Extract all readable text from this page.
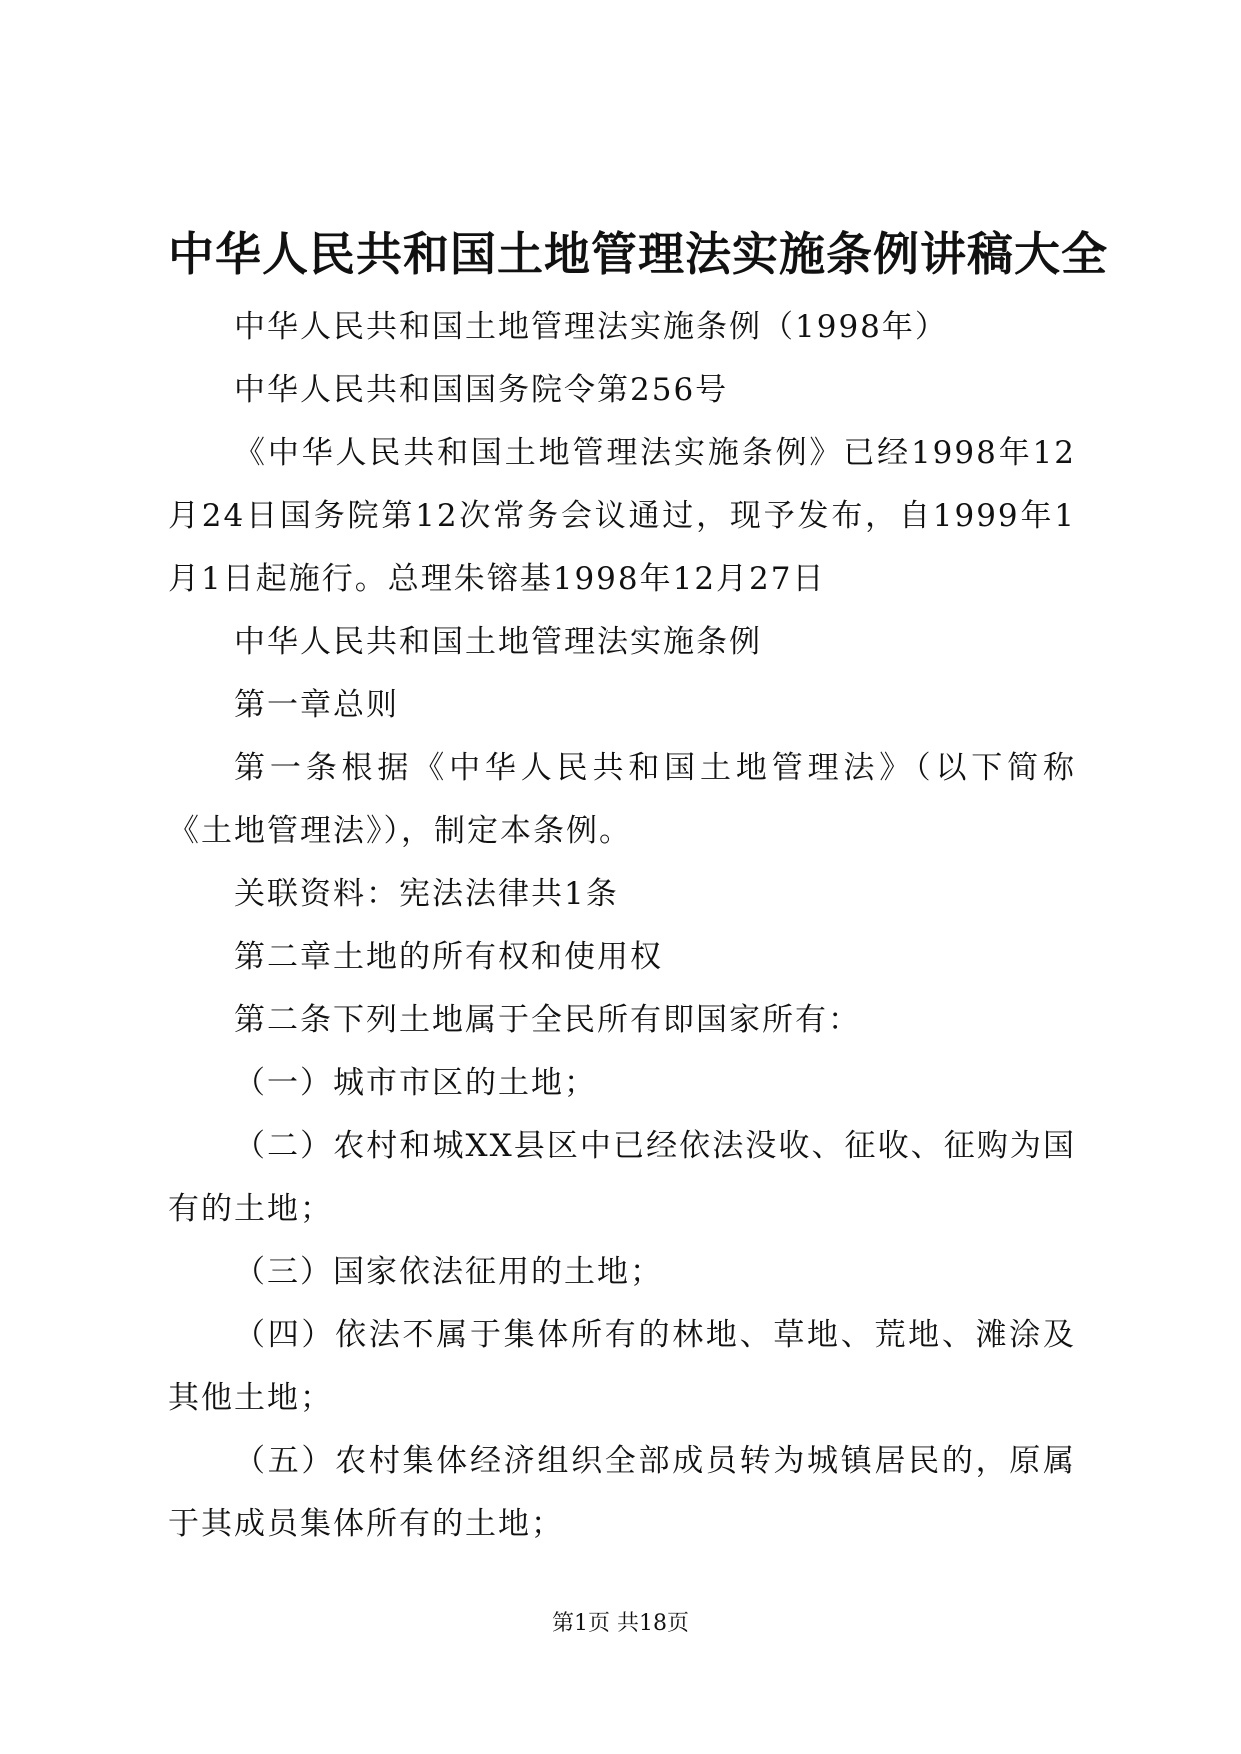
中华人民共和国土地管理法实施条例讲稿大全

中华人民共和国土地管理法实施条例（1998年）

中华人民共和国国务院令第256号

《中华人民共和国土地管理法实施条例》已经1998年12月24日国务院第12次常务会议通过，现予发布，自1999年1月1日起施行。总理朱镕基1998年12月27日

中华人民共和国土地管理法实施条例

第一章总则

第一条根据《中华人民共和国土地管理法》（以下简称《土地管理法》），制定本条例。

关联资料：宪法法律共1条

第二章土地的所有权和使用权

第二条下列土地属于全民所有即国家所有：

（一）城市市区的土地；

（二）农村和城XX县区中已经依法没收、征收、征购为国有的土地；

（三）国家依法征用的土地；

（四）依法不属于集体所有的林地、草地、荒地、滩涂及其他土地；

（五）农村集体经济组织全部成员转为城镇居民的，原属于其成员集体所有的土地；

第1页 共18页
